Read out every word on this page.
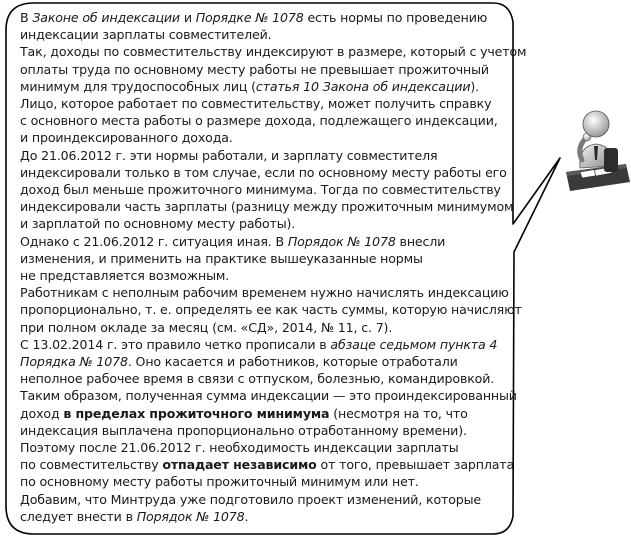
В Законе об индексации и Порядке № 1078 есть нормы по проведению
индексации зарплаты совместителей.
Так, доходы по совместительству индексируют в размере, который с учетом
оплаты труда по основному месту работы не превышает прожиточный
минимум для трудоспособных лиц (статья 10 Закона об индексации).
Лицо, которое работает по совместительству, может получить справку
с основного места работы о размере дохода, подлежащего индексации,
и проиндексированного дохода.
До 21.06.2012 г. эти нормы работали, и зарплату совместителя
индексировали только в том случае, если по основному месту работы его
доход был меньше прожиточного минимума. Тогда по совместительству
индексировали часть зарплаты (разницу между прожиточным минимумом
и зарплатой по основному месту работы).
Однако с 21.06.2012 г. ситуация иная. В Порядок № 1078 внесли
изменения, и применить на практике вышеуказанные нормы
не представляется возможным.
Работникам с неполным рабочим временем нужно начислять индексацию
пропорционально, т. е. определять ее как часть суммы, которую начисляют
при полном окладе за месяц (см. «СД», 2014, № 11, с. 7).
С 13.02.2014 г. это правило четко прописали в абзаце седьмом пункта 4
Порядка № 1078. Оно касается и работников, которые отработали
неполное рабочее время в связи с отпуском, болезнью, командировкой.
Таким образом, полученная сумма индексации — это проиндексированный
доход в пределах прожиточного минимума (несмотря на то, что
индексация выплачена пропорционально отработанному времени).
Поэтому после 21.06.2012 г. необходимость индексации зарплаты
по совместительству отпадает независимо от того, превышает зарплата
по основному месту работы прожиточный минимум или нет.
Добавим, что Минтруда уже подготовило проект изменений, которые
следует внести в Порядок № 1078.
